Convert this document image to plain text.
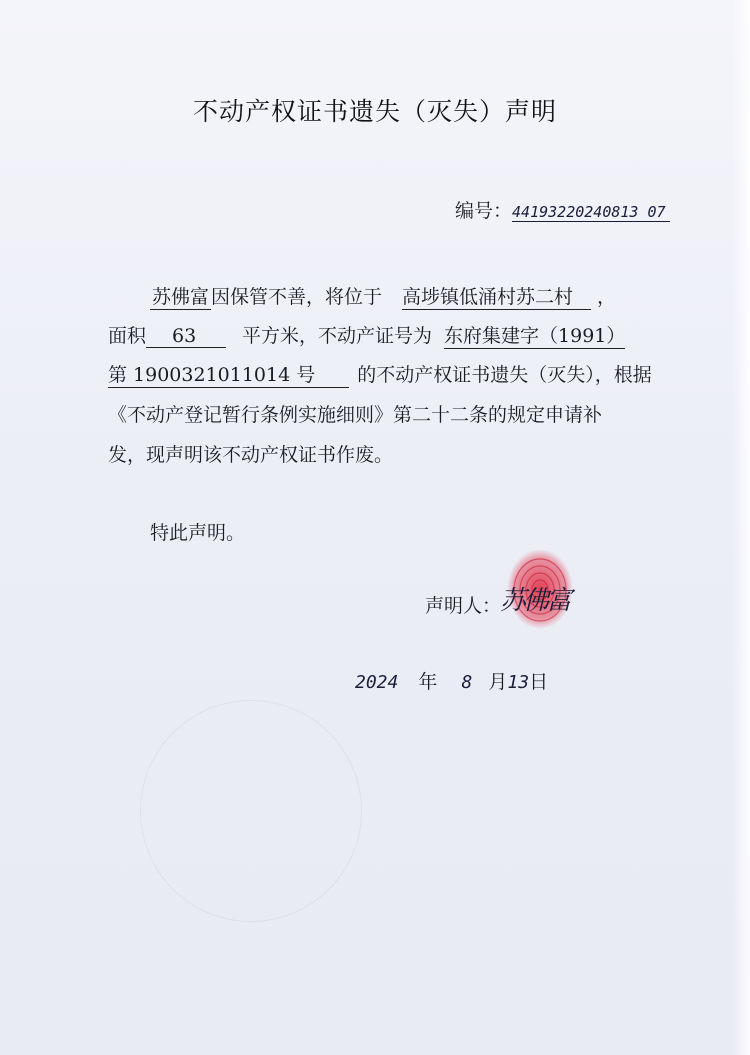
不动产权证书遗失（灭失）声明
编号：44193220240813 07
苏佛富 因保管不善，将位于 高埗镇低涌村苏二村 ，
面积 63 平方米，不动产证号为 东府集建字（1991）
第 1900321011014 号 的不动产权证书遗失（灭失），根据
《不动产登记暂行条例实施细则》第二十二条的规定申请补
发，现声明该不动产权证书作废。
特此声明。
声明人：
苏佛富
2024 年 8 月13日
